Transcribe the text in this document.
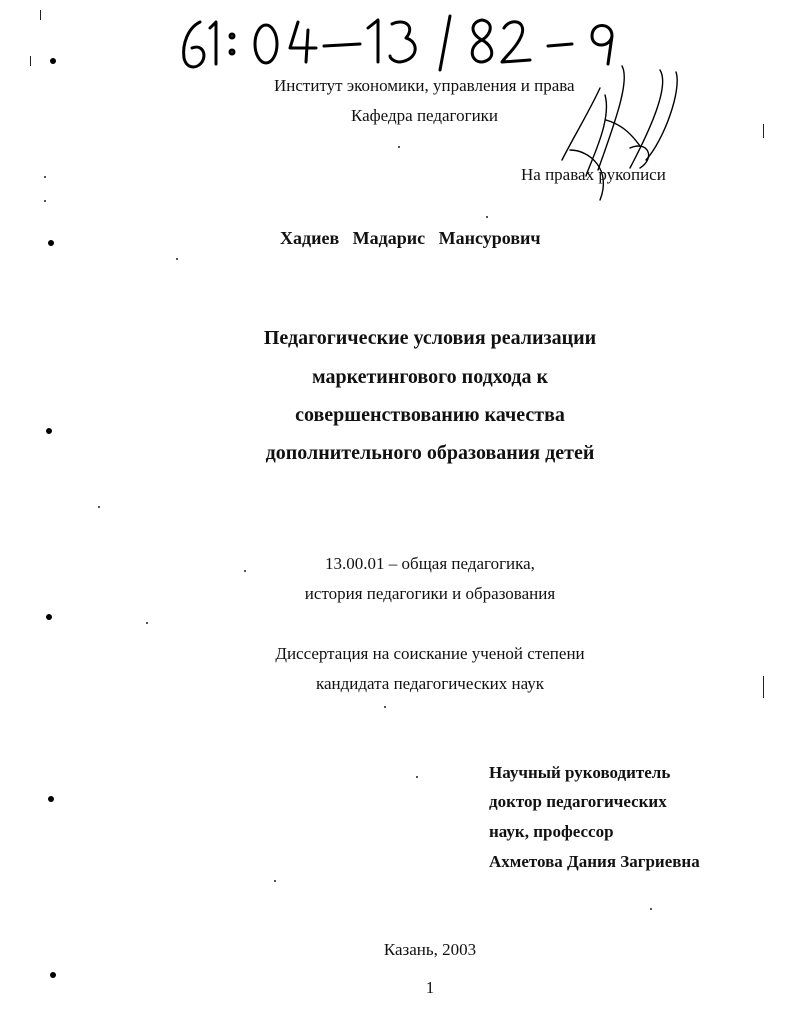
Институт экономики, управления и права
Кафедра педагогики
На правах рукописи
Хадиев   Мадарис   Мансурович
Педагогические условия реализации
маркетингового подхода к
совершенствованию качества
дополнительного образования детей
13.00.01 – общая педагогика,
история педагогики и образования
Диссертация на соискание ученой степени
кандидата педагогических наук
Научный руководитель
доктор педагогических
наук, профессор
Ахметова Дания Загриевна
Казань, 2003
1
